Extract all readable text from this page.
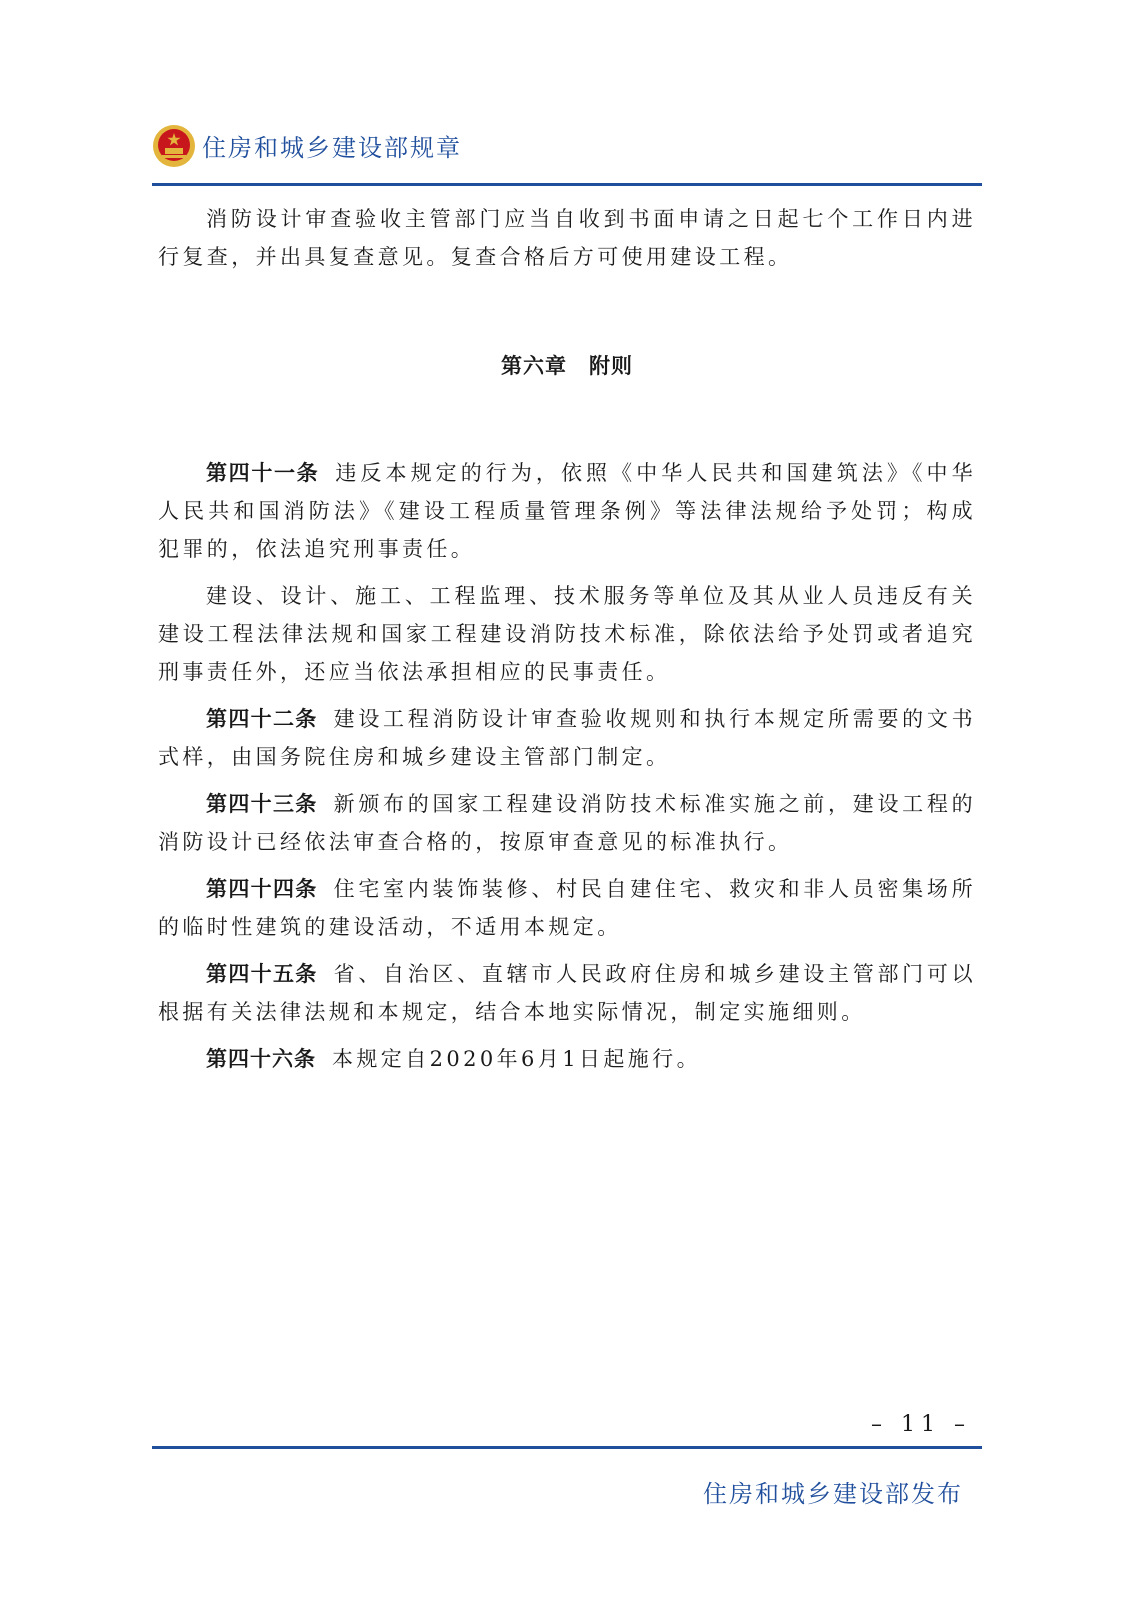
住房和城乡建设部规章

消防设计审查验收主管部门应当自收到书面申请之日起七个工作日内进行复查，并出具复查意见。复查合格后方可使用建设工程。

第六章　附则

第四十一条 违反本规定的行为，依照《中华人民共和国建筑法》《中华人民共和国消防法》《建设工程质量管理条例》等法律法规给予处罚；构成犯罪的，依法追究刑事责任。

建设、设计、施工、工程监理、技术服务等单位及其从业人员违反有关建设工程法律法规和国家工程建设消防技术标准，除依法给予处罚或者追究刑事责任外，还应当依法承担相应的民事责任。

第四十二条 建设工程消防设计审查验收规则和执行本规定所需要的文书式样，由国务院住房和城乡建设主管部门制定。

第四十三条 新颁布的国家工程建设消防技术标准实施之前，建设工程的消防设计已经依法审查合格的，按原审查意见的标准执行。

第四十四条 住宅室内装饰装修、村民自建住宅、救灾和非人员密集场所的临时性建筑的建设活动，不适用本规定。

第四十五条 省、自治区、直辖市人民政府住房和城乡建设主管部门可以根据有关法律法规和本规定，结合本地实际情况，制定实施细则。

第四十六条 本规定自2020年6月1日起施行。

– 11 –
住房和城乡建设部发布
